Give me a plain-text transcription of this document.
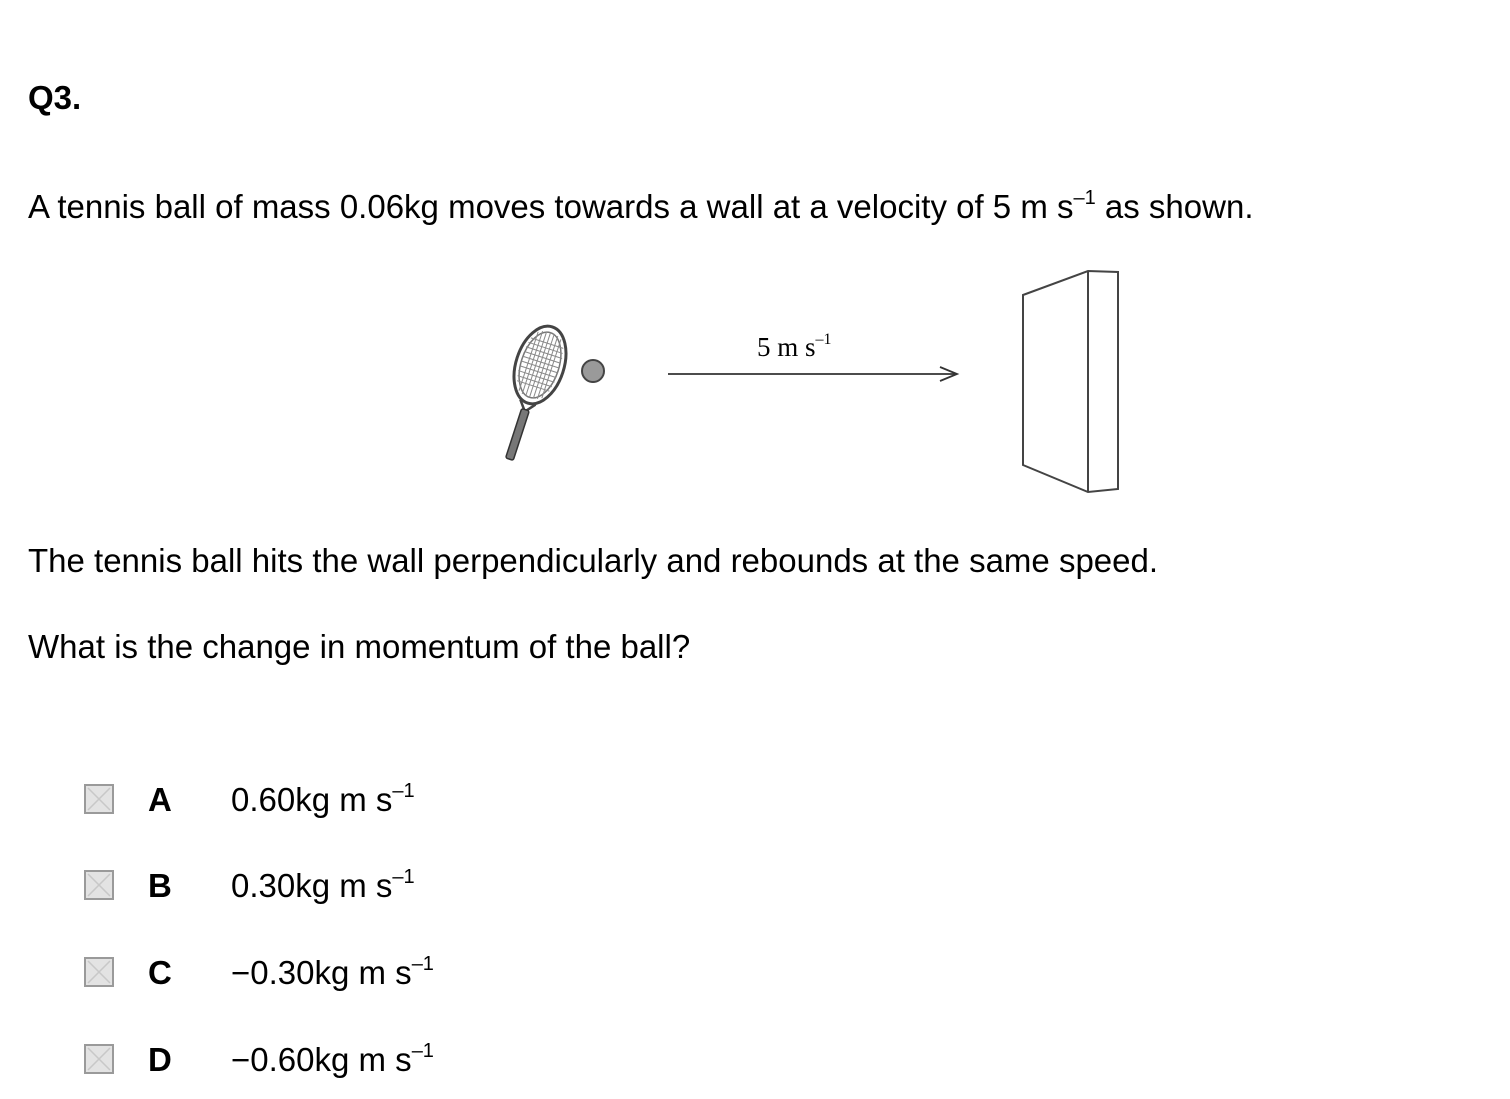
Q3.
A tennis ball of mass 0.06kg moves towards a wall at a velocity of 5 m $s^{-1}$ as shown.
5 m $s^{-1}$
The tennis ball hits the wall perpendicularly and rebounds at the same speed.
What is the change in momentum of the ball?
A 0.60kg m $s^{-1}$
B 0.30kg m $s^{-1}$
C −0.30kg m $s^{-1}$
D −0.60kg m $s^{-1}$
